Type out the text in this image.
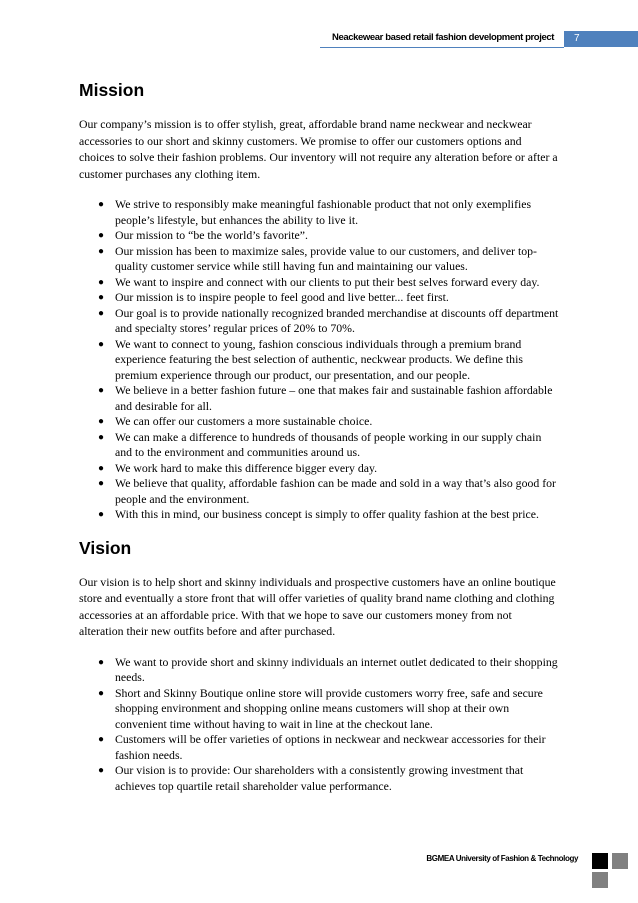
Neackewear based retail fashion development project	7
Mission

Our company’s mission is to offer stylish, great, affordable brand name neckwear and neckwear accessories to our short and skinny customers. We promise to offer our customers options and choices to solve their fashion problems. Our inventory will not require any alteration before or after a customer purchases any clothing item.

● We strive to responsibly make meaningful fashionable product that not only exemplifies people’s lifestyle, but enhances the ability to live it.
● Our mission to “be the world’s favorite”.
● Our mission has been to maximize sales, provide value to our customers, and deliver top-quality customer service while still having fun and maintaining our values.
● We want to inspire and connect with our clients to put their best selves forward every day.
● Our mission is to inspire people to feel good and live better... feet first.
● Our goal is to provide nationally recognized branded merchandise at discounts off department and specialty stores’ regular prices of 20% to 70%.
● We want to connect to young, fashion conscious individuals through a premium brand experience featuring the best selection of authentic, neckwear products. We define this premium experience through our product, our presentation, and our people.
● We believe in a better fashion future – one that makes fair and sustainable fashion affordable and desirable for all.
● We can offer our customers a more sustainable choice.
● We can make a difference to hundreds of thousands of people working in our supply chain and to the environment and communities around us.
● We work hard to make this difference bigger every day.
● We believe that quality, affordable fashion can be made and sold in a way that’s also good for people and the environment.
● With this in mind, our business concept is simply to offer quality fashion at the best price.
Vision

Our vision is to help short and skinny individuals and prospective customers have an online boutique store and eventually a store front that will offer varieties of quality brand name clothing and clothing accessories at an affordable price. With that we hope to save our customers money from not alteration their new outfits before and after purchased.

● We want to provide short and skinny individuals an internet outlet dedicated to their shopping needs.
● Short and Skinny Boutique online store will provide customers worry free, safe and secure shopping environment and shopping online means customers will shop at their own convenient time without having to wait in line at the checkout lane.
● Customers will be offer varieties of options in neckwear and neckwear accessories for their fashion needs.
● Our vision is to provide: Our shareholders with a consistently growing investment that achieves top quartile retail shareholder value performance.
BGMEA University of Fashion & Technology
